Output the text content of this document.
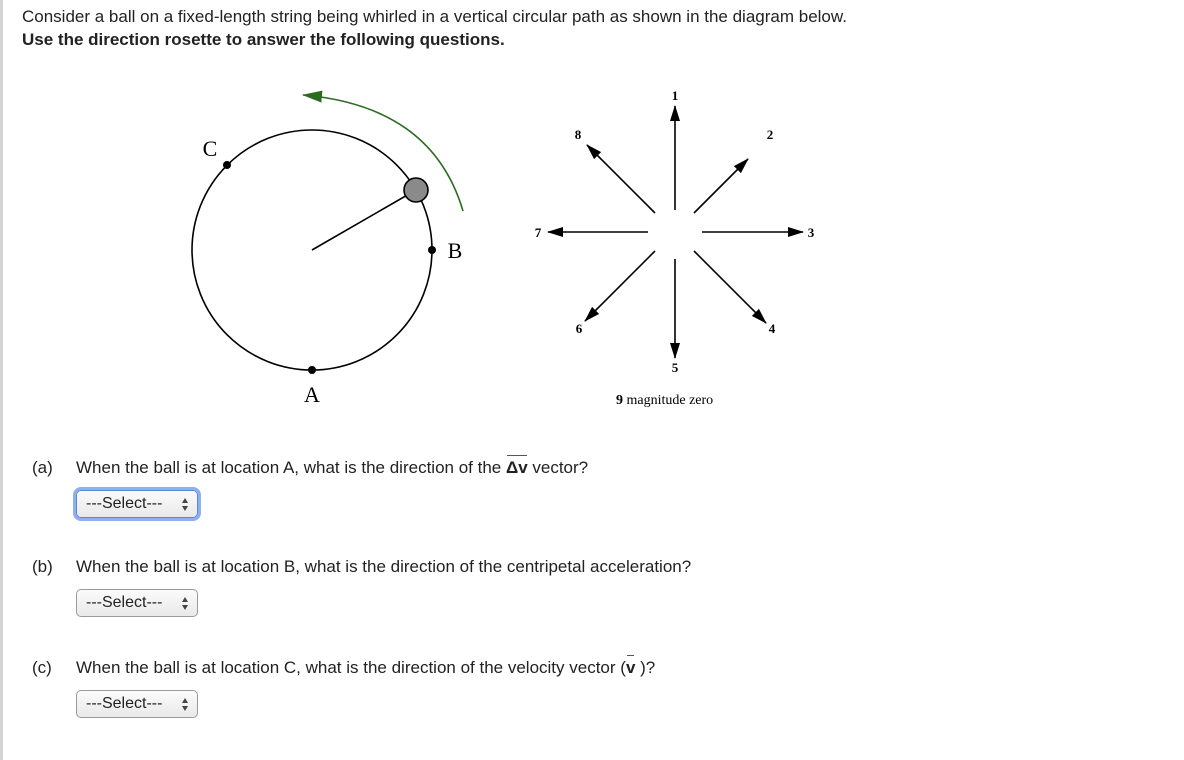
Consider a ball on a fixed-length string being whirled in a vertical circular path as shown in the diagram below.
Use the direction rosette to answer the following questions.
A
B
C
1
2
3
4
5
6
7
8
9 magnitude zero
(a) When the ball is at location A, what is the direction of the Δv vector?
---Select---
(b) When the ball is at location B, what is the direction of the centripetal acceleration?
---Select---
(c) When the ball is at location C, what is the direction of the velocity vector (v )?
---Select---
